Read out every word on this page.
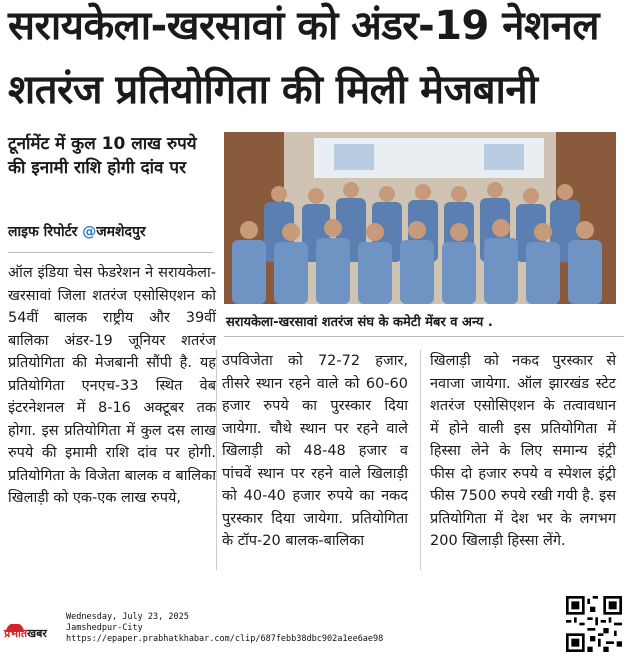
सरायकेला-खरसावां को अंडर-19 नेशनल
शतरंज प्रतियोगिता की मिली मेजबानी
टूर्नामेंट में कुल 10 लाख रुपये की इनामी राशि होगी दांव पर
लाइफ रिपोर्टर @जमशेदपुर
सरायकेला-खरसावां शतरंज संघ के कमेटी मेंबर व अन्य .
ऑल इंडिया चेस फेडरेशन ने सरायकेला-खरसावां जिला शतरंज एसोसिएशन को 54वीं बालक राष्ट्रीय और 39वीं बालिका अंडर-19 जूनियर शतरंज प्रतियोगिता की मेजबानी सौंपी है. यह प्रतियोगिता एनएच-33 स्थित वेब इंटरनेशनल में 8-16 अक्टूबर तक होगा. इस प्रतियोगिता में कुल दस लाख रुपये की इमामी राशि दांव पर होगी. प्रतियोगिता के विजेता बालक व बालिका खिलाड़ी को एक-एक लाख रुपये,
उपविजेता को 72-72 हजार, तीसरे स्थान रहने वाले को 60-60 हजार रुपये का पुरस्कार दिया जायेगा. चौथे स्थान पर रहने वाले खिलाड़ी को 48-48 हजार व पांचवें स्थान पर रहने वाले खिलाड़ी को 40-40 हजार रुपये का नकद पुरस्कार दिया जायेगा. प्रतियोगिता के टॉप-20 बालक-बालिका
खिलाड़ी को नकद पुरस्कार से नवाजा जायेगा. ऑल झारखंड स्टेट शतरंज एसोसिएशन के तत्वावधान में होने वाली इस प्रतियोगिता में हिस्सा लेने के लिए समान्य इंट्री फीस दो हजार रुपये व स्पेशल इंट्री फीस 7500 रुपये रखी गयी है. इस प्रतियोगिता में देश भर के लगभग 200 खिलाड़ी हिस्सा लेंगे.
प्रभातखबर
Wednesday, July 23, 2025
Jamshedpur-City
https://epaper.prabhatkhabar.com/clip/687febb38dbc902a1ee6ae98
